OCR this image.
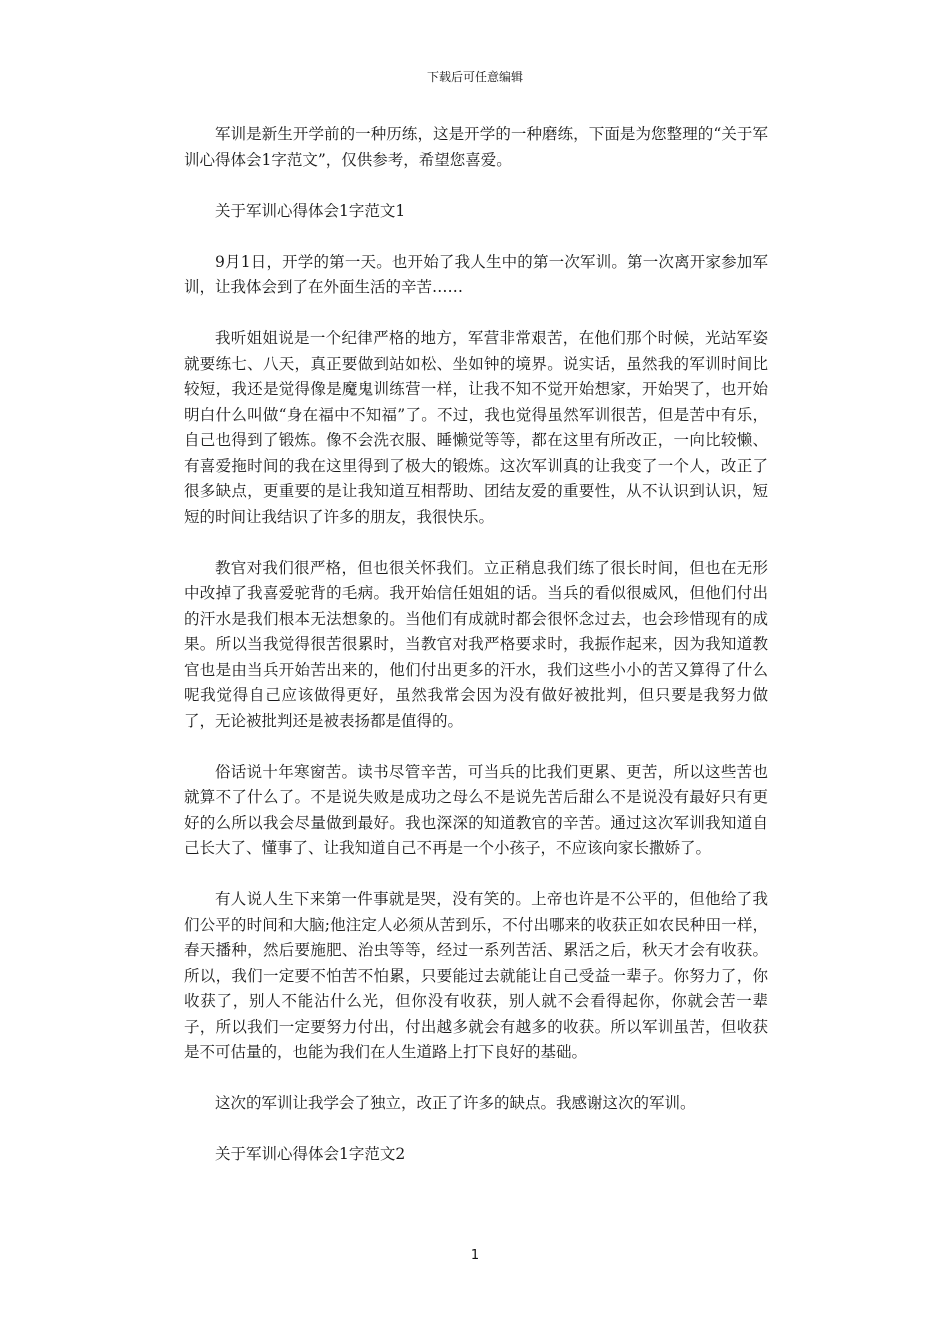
下载后可任意编辑

军训是新生开学前的一种历练，这是开学的一种磨练，下面是为您整理的“关于军训心得体会1字范文”，仅供参考，希望您喜爱。

关于军训心得体会1字范文1

9月1日，开学的第一天。也开始了我人生中的第一次军训。第一次离开家参加军训，让我体会到了在外面生活的辛苦……

我听姐姐说是一个纪律严格的地方，军营非常艰苦，在他们那个时候，光站军姿就要练七、八天，真正要做到站如松、坐如钟的境界。说实话，虽然我的军训时间比较短，我还是觉得像是魔鬼训练营一样，让我不知不觉开始想家，开始哭了，也开始明白什么叫做“身在福中不知福”了。不过，我也觉得虽然军训很苦，但是苦中有乐，自己也得到了锻炼。像不会洗衣服、睡懒觉等等，都在这里有所改正，一向比较懒、有喜爱拖时间的我在这里得到了极大的锻炼。这次军训真的让我变了一个人，改正了很多缺点，更重要的是让我知道互相帮助、团结友爱的重要性，从不认识到认识，短短的时间让我结识了许多的朋友，我很快乐。

教官对我们很严格，但也很关怀我们。立正稍息我们练了很长时间，但也在无形中改掉了我喜爱驼背的毛病。我开始信任姐姐的话。当兵的看似很威风，但他们付出的汗水是我们根本无法想象的。当他们有成就时都会很怀念过去，也会珍惜现有的成果。所以当我觉得很苦很累时，当教官对我严格要求时，我振作起来，因为我知道教官也是由当兵开始苦出来的，他们付出更多的汗水，我们这些小小的苦又算得了什么呢我觉得自己应该做得更好，虽然我常会因为没有做好被批判，但只要是我努力做了，无论被批判还是被表扬都是值得的。

俗话说十年寒窗苦。读书尽管辛苦，可当兵的比我们更累、更苦，所以这些苦也就算不了什么了。不是说失败是成功之母么不是说先苦后甜么不是说没有最好只有更好的么所以我会尽量做到最好。我也深深的知道教官的辛苦。通过这次军训我知道自己长大了、懂事了、让我知道自己不再是一个小孩子，不应该向家长撒娇了。

有人说人生下来第一件事就是哭，没有笑的。上帝也许是不公平的，但他给了我们公平的时间和大脑;他注定人必须从苦到乐，不付出哪来的收获正如农民种田一样，春天播种，然后要施肥、治虫等等，经过一系列苦活、累活之后，秋天才会有收获。所以，我们一定要不怕苦不怕累，只要能过去就能让自己受益一辈子。你努力了，你收获了，别人不能沾什么光，但你没有收获，别人就不会看得起你，你就会苦一辈子，所以我们一定要努力付出，付出越多就会有越多的收获。所以军训虽苦，但收获是不可估量的，也能为我们在人生道路上打下良好的基础。

这次的军训让我学会了独立，改正了许多的缺点。我感谢这次的军训。

关于军训心得体会1字范文2

1
